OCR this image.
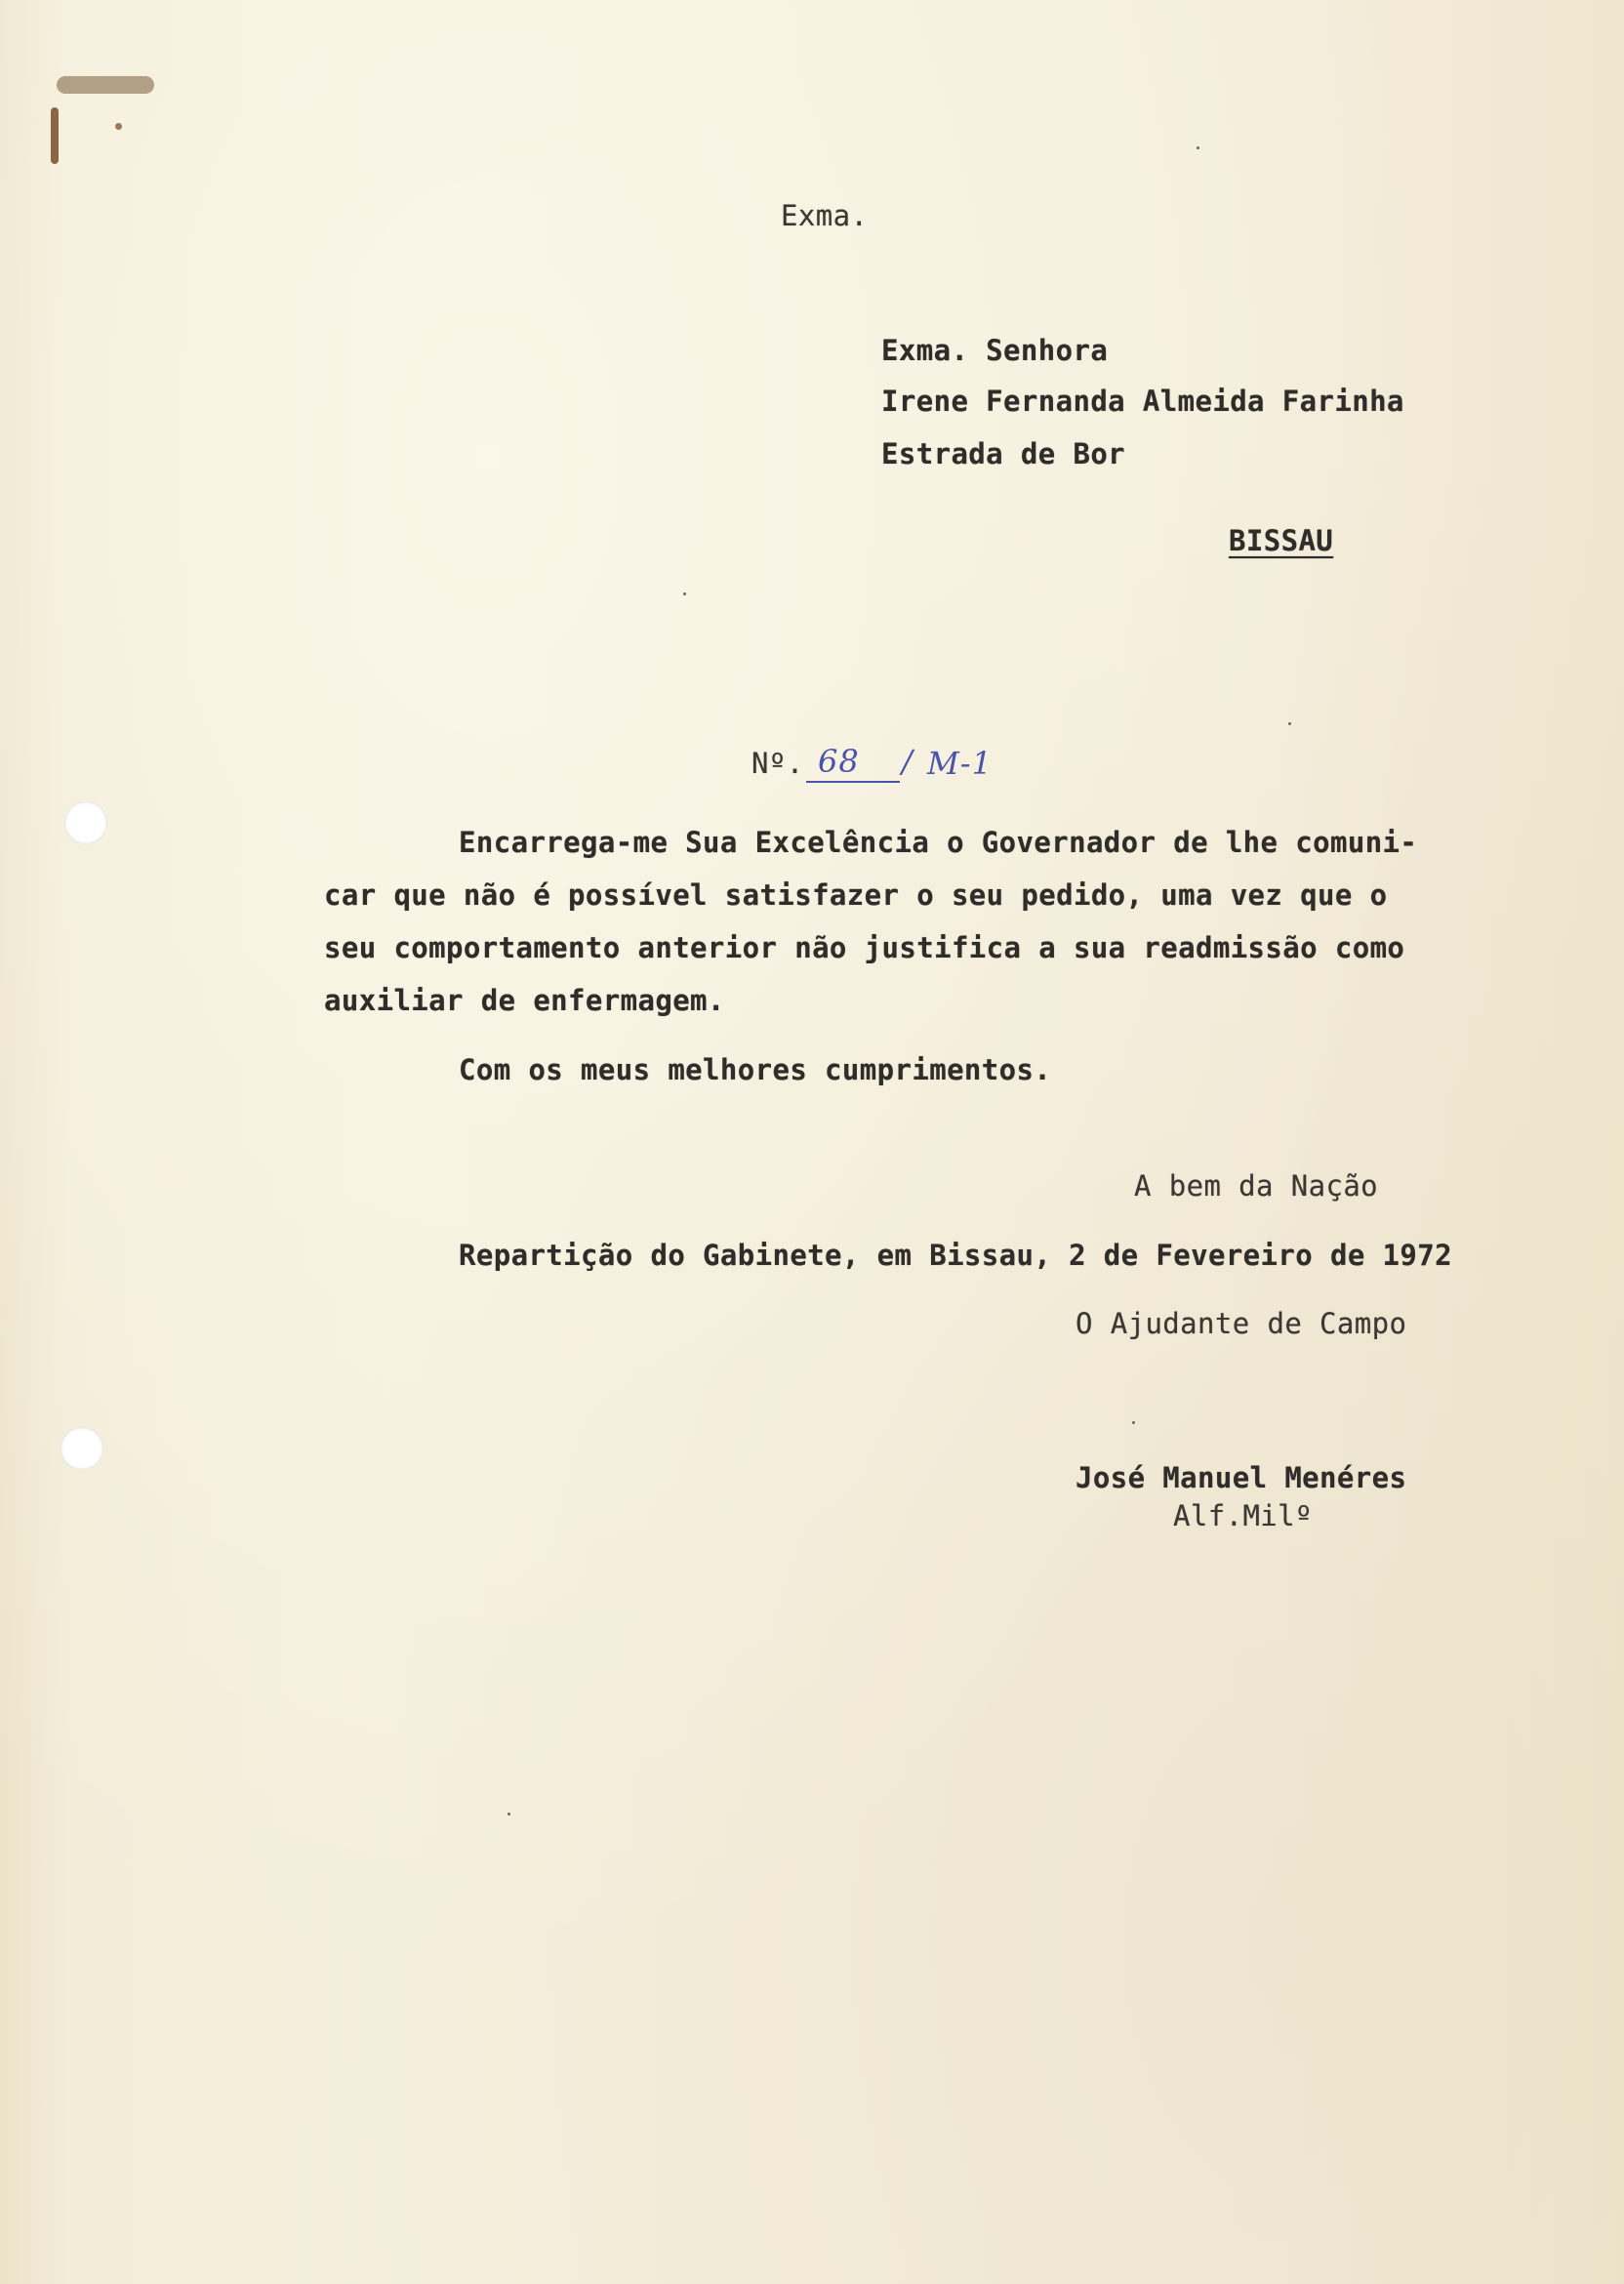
Exma.
Exma. Senhora
Irene Fernanda Almeida Farinha
Estrada de Bor
BISSAU
Nº. 68 / M-1
Encarrega-me Sua Excelência o Governador de lhe comuni-
car que não é possível satisfazer o seu pedido, uma vez que o
seu comportamento anterior não justifica a sua readmissão como
auxiliar de enfermagem.
Com os meus melhores cumprimentos.
A bem da Nação
Repartição do Gabinete, em Bissau, 2 de Fevereiro de 1972
O Ajudante de Campo
José Manuel Menéres
Alf.Milº
